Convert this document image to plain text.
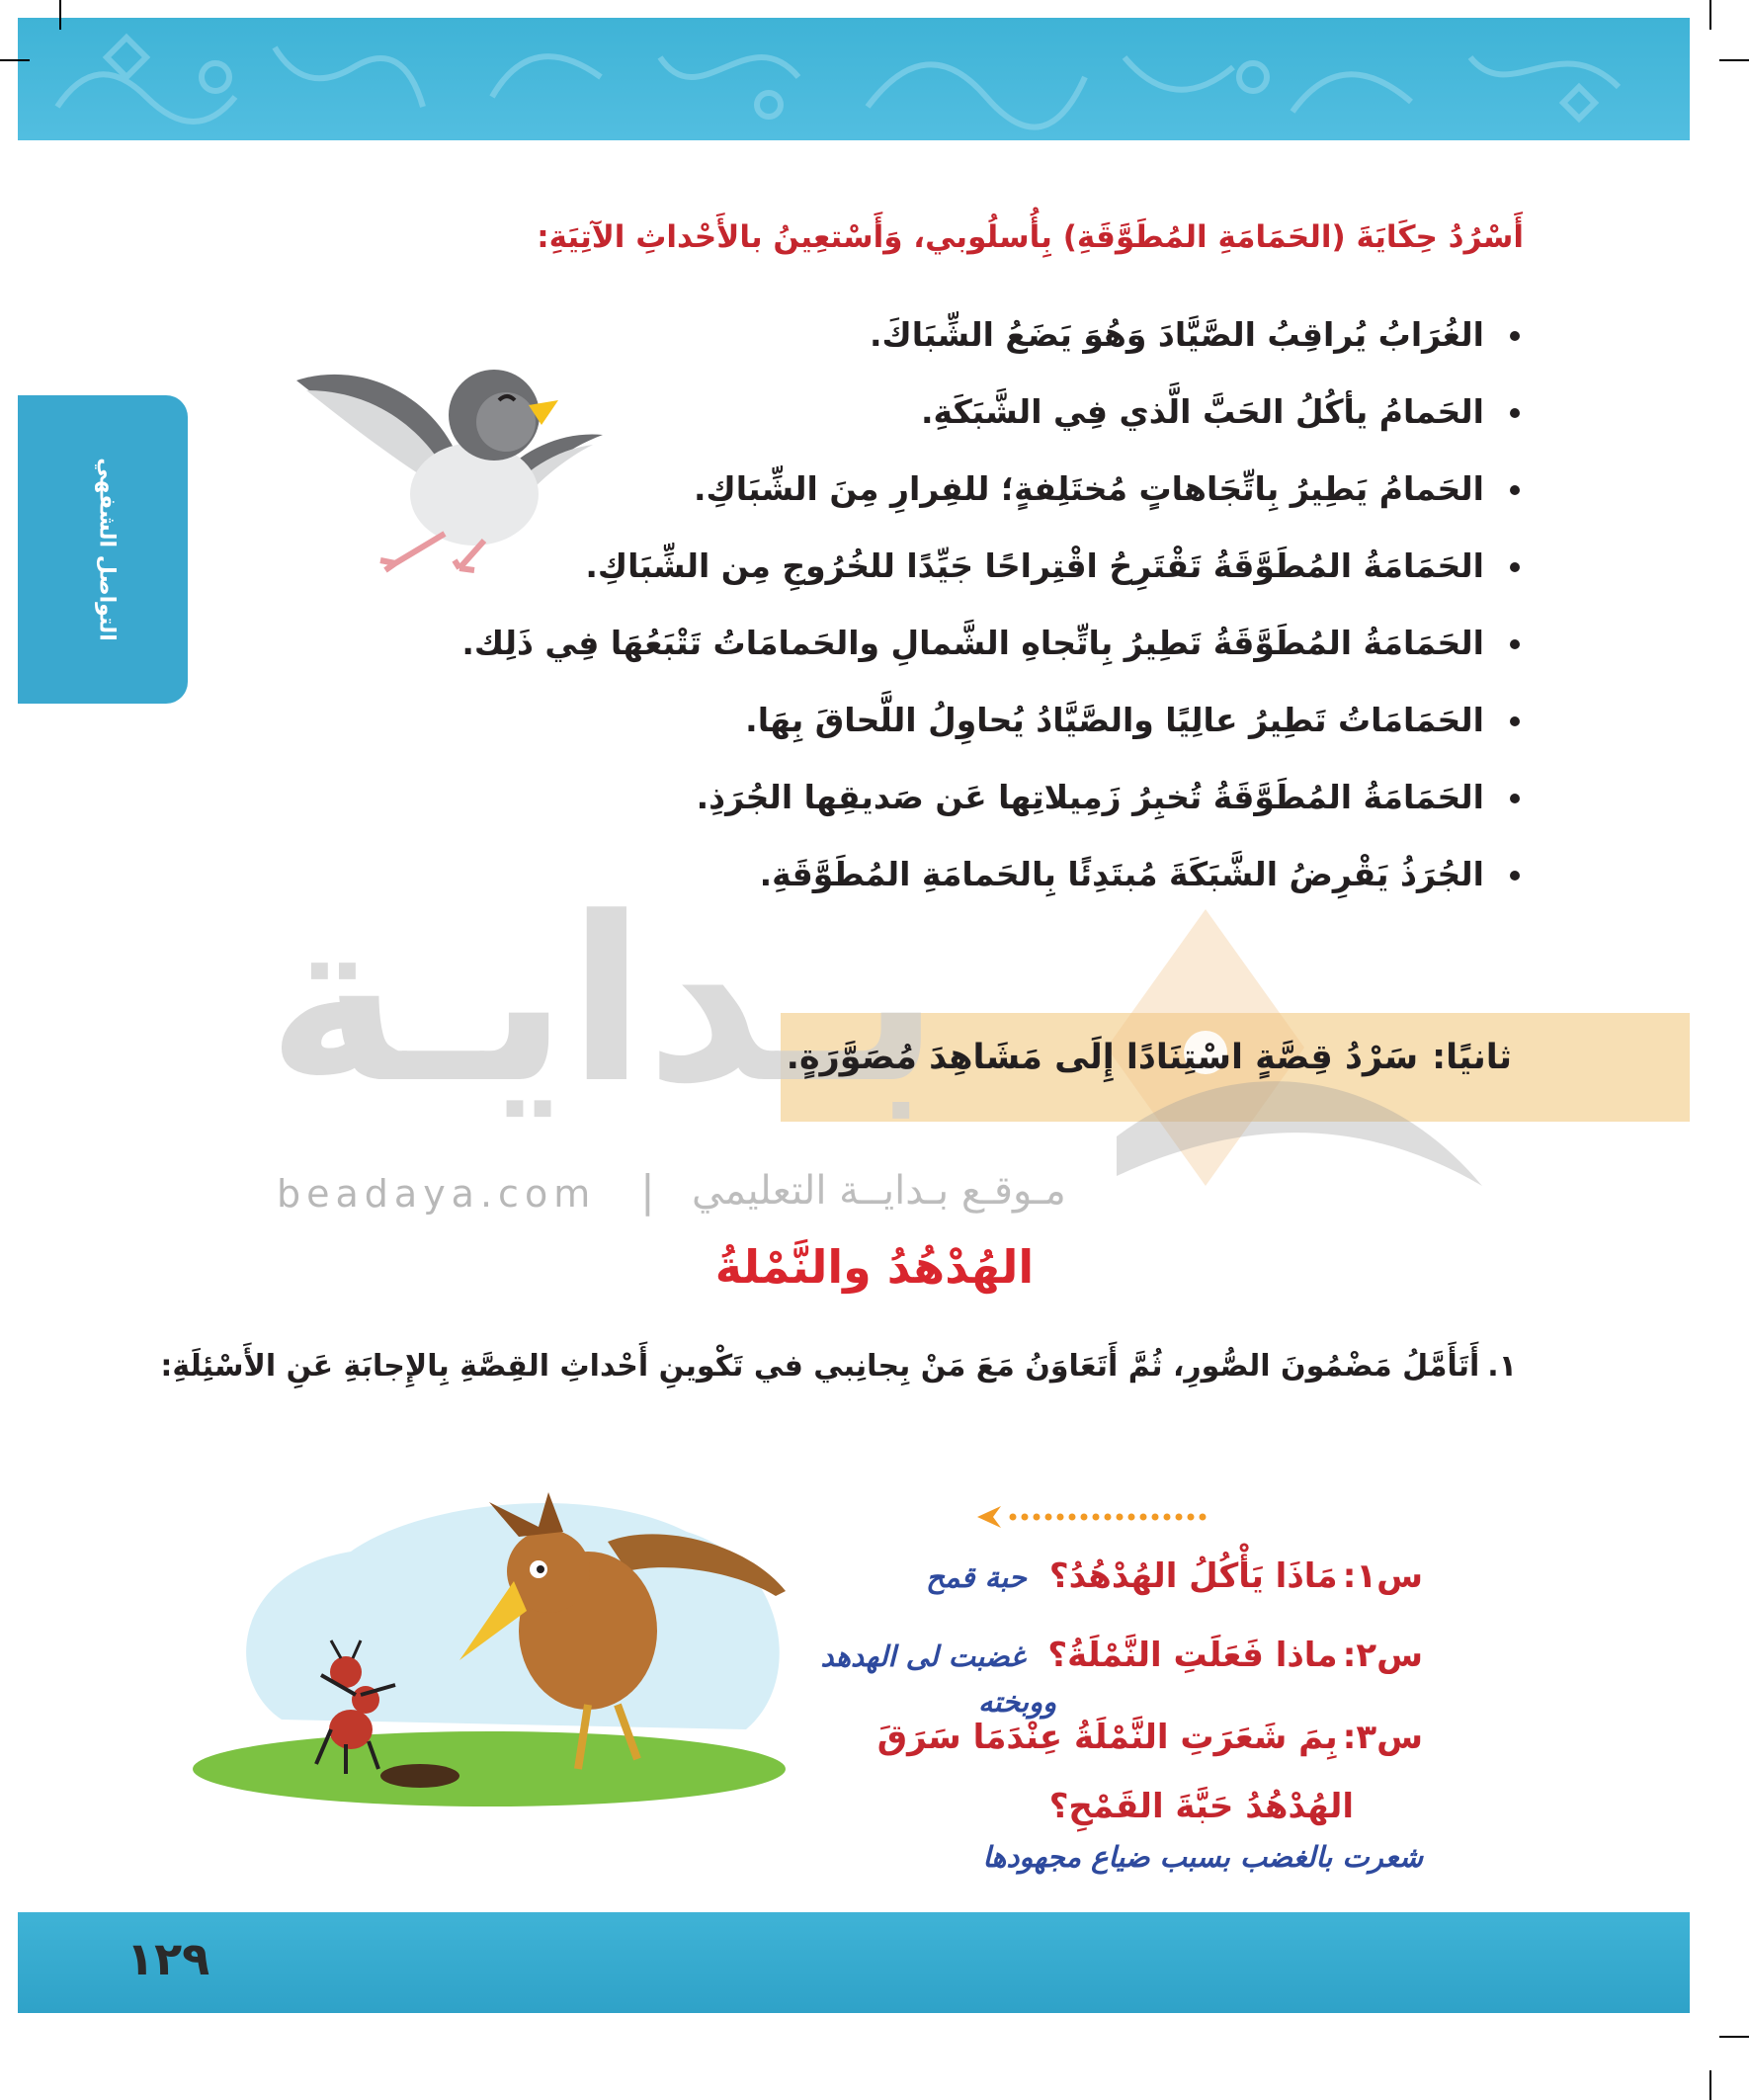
التواصل الشفهي
أَسْرُدُ حِكَايَةَ (الحَمَامَةِ المُطَوَّقَةِ) بِأُسلُوبي، وَأَسْتعِينُ بالأَحْداثِ الآتِيَةِ:
الغُرَابُ يُراقِبُ الصَّيَّادَ وَهُوَ يَضَعُ الشِّبَاكَ.
الحَمامُ يأكُلُ الحَبَّ الَّذي فِي الشَّبَكَةِ.
الحَمامُ يَطِيرُ بِاتِّجَاهاتٍ مُختَلِفةٍ؛ للفِرارِ مِنَ الشِّبَاكِ.
الحَمَامَةُ المُطَوَّقَةُ تَقْتَرِحُ اقْتِراحًا جَيِّدًا للخُرُوجِ مِن الشِّبَاكِ.
الحَمَامَةُ المُطَوَّقَةُ تَطِيرُ بِاتِّجاهِ الشَّمالِ والحَمامَاتُ تَتْبَعُهَا فِي ذَلِك.
الحَمَامَاتُ تَطِيرُ عالِيًا والصَّيَّادُ يُحاوِلُ اللَّحاقَ بِهَا.
الحَمَامَةُ المُطَوَّقَةُ تُخبِرُ زَمِيلاتِها عَن صَديقِها الجُرَذِ.
الجُرَذُ يَقْرِضُ الشَّبَكَةَ مُبتَدِئًا بِالحَمامَةِ المُطَوَّقَةِ.
بـدايـة
beadaya.com | مـوقـع بـدايــة التعليمي
ثانيًا:سَرْدُ قِصَّةٍ اسْتِنَادًا إِلَى مَشَاهِدَ مُصَوَّرَةٍ.
الهُدْهُدُ والنَّمْلةُ
١.أَتَأَمَّلُ مَضْمُونَ الصُّورِ، ثُمَّ أَتَعَاوَنُ مَعَ مَنْ بِجانِبي في تَكْوينِ أَحْداثِ القِصَّةِ بِالإِجابَةِ عَنِ الأَسْئِلَةِ:
س١: مَاذَا يَأْكُلُ الهُدْهُدُ؟ حبة قمح
س٢: ماذا فَعَلَتِ النَّمْلَةُ؟ غضبت لى الهدهد
ووبخته
س٣: بِمَ شَعَرَتِ النَّمْلَةُ عِنْدَمَا سَرَقَ
الهُدْهُدُ حَبَّةَ القَمْحِ؟
شعرت بالغضب بسبب ضياع مجهودها
١٢٩
